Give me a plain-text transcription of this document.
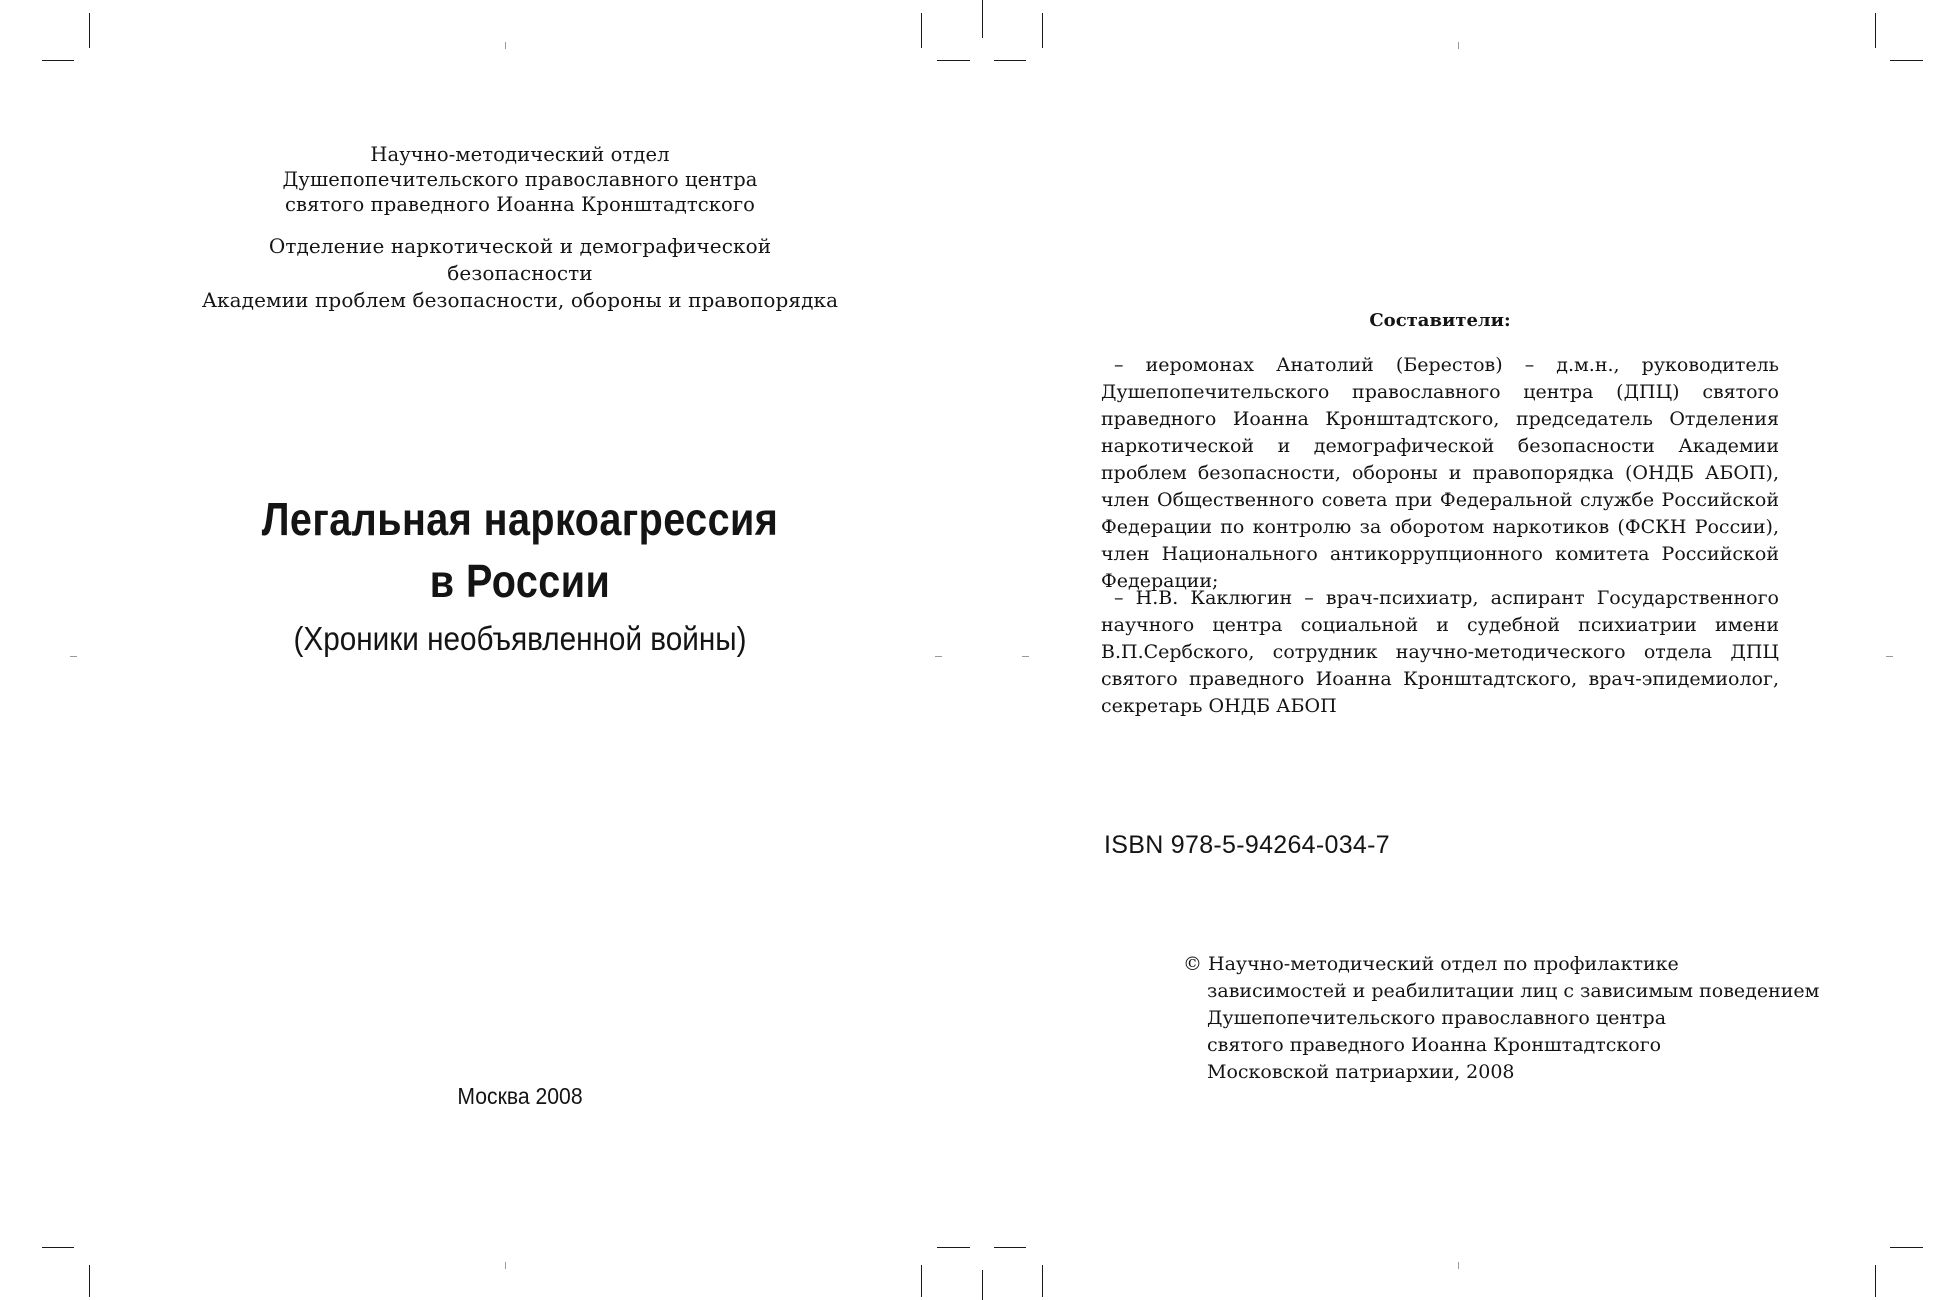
Научно-методический отдел
Душепопечительского православного центра
святого праведного Иоанна Кронштадтского
Отделение наркотической и демографической безопасности
Академии проблем безопасности, обороны и правопорядка
Легальная наркоагрессия
в России
(Хроники необъявленной войны)
Москва 2008
Составители:
– иеромонах Анатолий (Берестов) – д.м.н., руководитель Душепопечительского православного центра (ДПЦ) святого праведного Иоанна Кронштадтского, председатель Отделения наркотической и демографической безопасности Академии проблем безопасности, обороны и правопорядка (ОНДБ АБОП), член Общественного совета при Федеральной службе Российской Федерации по контролю за оборотом наркотиков (ФСКН России), член Национального антикоррупционного комитета Российской Федерации;
– Н.В. Каклюгин – врач-психиатр, аспирант Государственного научного центра социальной и судебной психиатрии имени В.П.Сербского, сотрудник научно-методического отдела ДПЦ святого праведного Иоанна Кронштадтского, врач-эпидемиолог, секретарь ОНДБ АБОП
ISBN 978-5-94264-034-7
© Научно-методический отдел по профилактике
зависимостей и реабилитации лиц с зависимым поведением
Душепопечительского православного центра
святого праведного Иоанна Кронштадтского
Московской патриархии, 2008
